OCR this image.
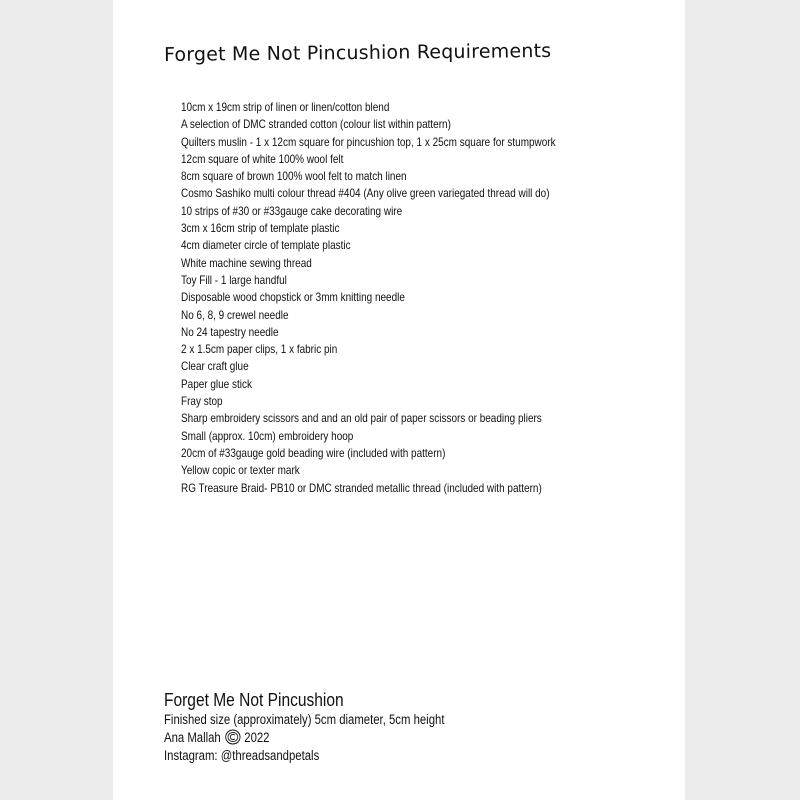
Forget Me Not Pincushion Requirements
10cm x 19cm strip of linen or linen/cotton blend
A selection of DMC stranded cotton (colour list within pattern)
Quilters muslin - 1 x 12cm square for pincushion top, 1 x 25cm square for stumpwork
12cm square of white 100% wool felt
8cm square of brown 100% wool felt to match linen
Cosmo Sashiko multi colour thread #404 (Any olive green variegated thread will do)
10 strips of #30 or #33gauge cake decorating wire
3cm x 16cm strip of template plastic
4cm diameter circle of template plastic
White machine sewing thread
Toy Fill - 1 large handful
Disposable wood chopstick or 3mm knitting needle
No 6, 8, 9 crewel needle
No 24 tapestry needle
2 x 1.5cm paper clips, 1 x fabric pin
Clear craft glue
Paper glue stick
Fray stop
Sharp embroidery scissors and and an old pair of paper scissors or beading pliers
Small (approx. 10cm) embroidery hoop
20cm of #33gauge gold beading wire (included with pattern)
Yellow copic or texter mark
RG Treasure Braid- PB10 or DMC stranded metallic thread (included with pattern)
Forget Me Not Pincushion
Finished size (approximately) 5cm diameter, 5cm height
Ana Mallah 2022
Instagram: @threadsandpetals
